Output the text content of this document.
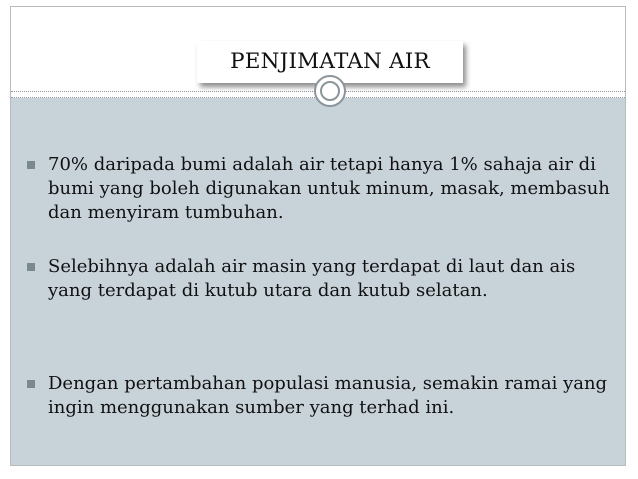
PENJIMATAN AIR
70% daripada bumi adalah air tetapi hanya 1% sahaja air di bumi yang boleh digunakan untuk minum, masak, membasuh dan menyiram tumbuhan.
Selebihnya adalah air masin yang terdapat di laut dan ais yang terdapat di kutub utara dan kutub selatan.
Dengan pertambahan populasi manusia, semakin ramai yang ingin menggunakan sumber yang terhad ini.
